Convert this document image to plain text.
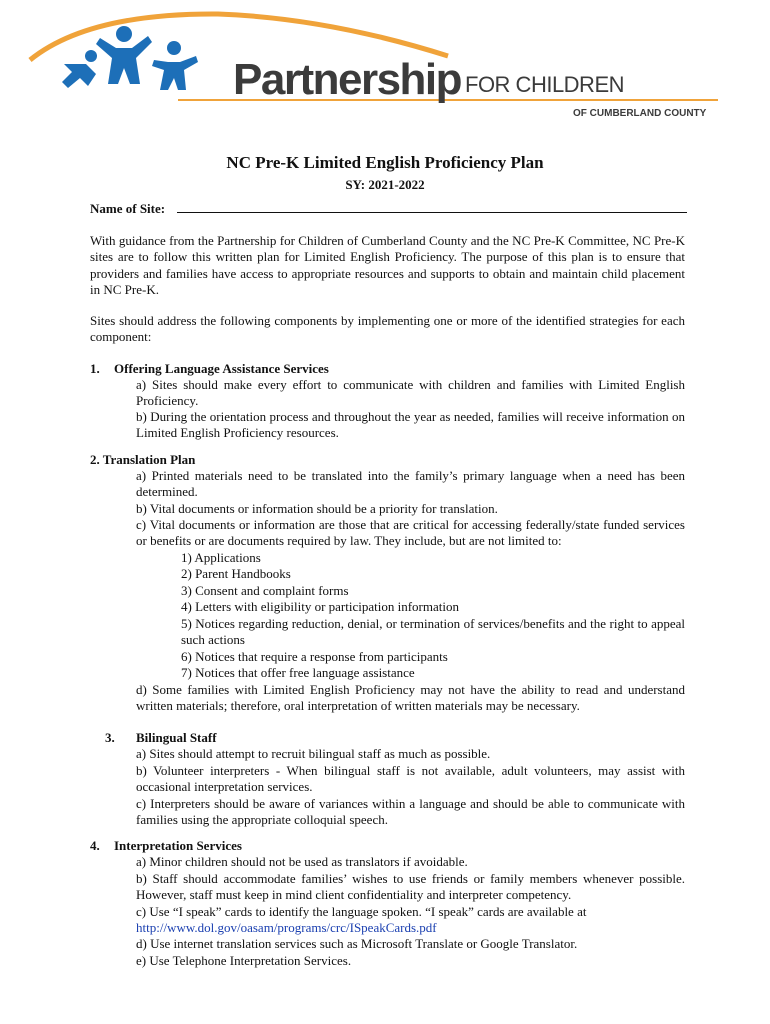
Partnership FOR CHILDREN
OF CUMBERLAND COUNTY
NC Pre-K Limited English Proficiency Plan
SY: 2021-2022
Name of Site:

With guidance from the Partnership for Children of Cumberland County and the NC Pre-K Committee, NC Pre-K sites are to follow this written plan for Limited English Proficiency. The purpose of this plan is to ensure that providers and families have access to appropriate resources and supports to obtain and maintain child placement in NC Pre-K.

Sites should address the following components by implementing one or more of the identified strategies for each component:

1. Offering Language Assistance Services

a) Sites should make every effort to communicate with children and families with Limited English Proficiency.

b) During the orientation process and throughout the year as needed, families will receive information on Limited English Proficiency resources.

2. Translation Plan

a) Printed materials need to be translated into the family’s primary language when a need has been determined.

b) Vital documents or information should be a priority for translation.

c) Vital documents or information are those that are critical for accessing federally/state funded services or benefits or are documents required by law. They include, but are not limited to:

1) Applications

2) Parent Handbooks

3) Consent and complaint forms

4) Letters with eligibility or participation information

5) Notices regarding reduction, denial, or termination of services/benefits and the right to appeal such actions

6) Notices that require a response from participants

7) Notices that offer free language assistance

d) Some families with Limited English Proficiency may not have the ability to read and understand written materials; therefore, oral interpretation of written materials may be necessary.

3. Bilingual Staff

a) Sites should attempt to recruit bilingual staff as much as possible.

b) Volunteer interpreters - When bilingual staff is not available, adult volunteers, may assist with occasional interpretation services.

c) Interpreters should be aware of variances within a language and should be able to communicate with families using the appropriate colloquial speech.

4. Interpretation Services

a) Minor children should not be used as translators if avoidable.

b) Staff should accommodate families’ wishes to use friends or family members whenever possible. However, staff must keep in mind client confidentiality and interpreter competency.

c) Use “I speak” cards to identify the language spoken. “I speak” cards are available at

http://www.dol.gov/oasam/programs/crc/ISpeakCards.pdf

d) Use internet translation services such as Microsoft Translate or Google Translator.

e) Use Telephone Interpretation Services.
